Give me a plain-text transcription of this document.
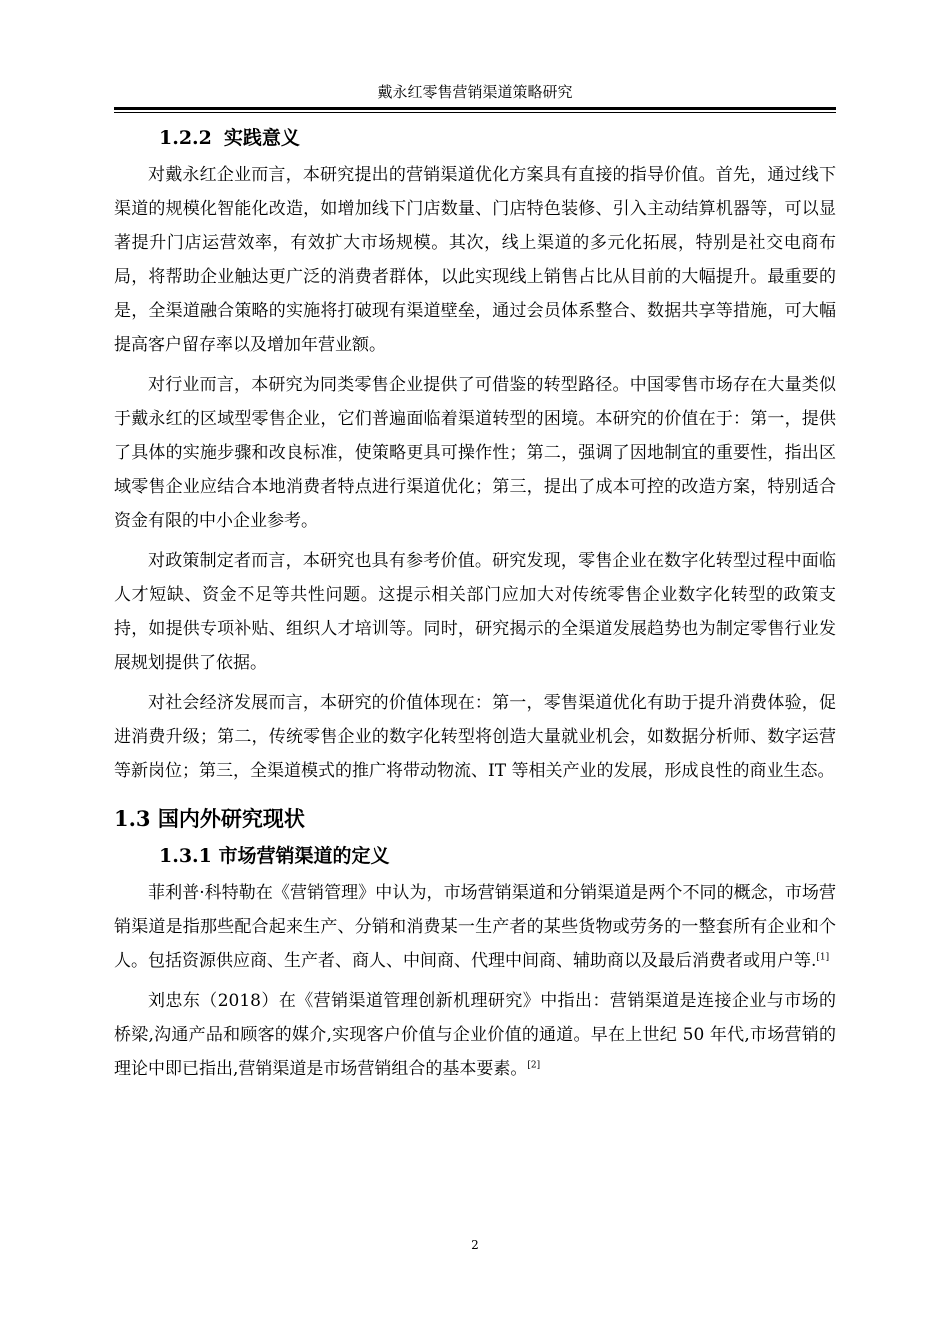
戴永红零售营销渠道策略研究
1.2.2 实践意义

对戴永红企业而言，本研究提出的营销渠道优化方案具有直接的指导价值。首先，通过线下渠道的规模化智能化改造，如增加线下门店数量、门店特色装修、引入主动结算机器等，可以显著提升门店运营效率，有效扩大市场规模。其次，线上渠道的多元化拓展，特别是社交电商布局，将帮助企业触达更广泛的消费者群体，以此实现线上销售占比从目前的大幅提升。最重要的是，全渠道融合策略的实施将打破现有渠道壁垒，通过会员体系整合、数据共享等措施，可大幅提高客户留存率以及增加年营业额。

对行业而言，本研究为同类零售企业提供了可借鉴的转型路径。中国零售市场存在大量类似于戴永红的区域型零售企业，它们普遍面临着渠道转型的困境。本研究的价值在于：第一，提供了具体的实施步骤和改良标准，使策略更具可操作性；第二，强调了因地制宜的重要性，指出区域零售企业应结合本地消费者特点进行渠道优化；第三，提出了成本可控的改造方案，特别适合资金有限的中小企业参考。

对政策制定者而言，本研究也具有参考价值。研究发现，零售企业在数字化转型过程中面临人才短缺、资金不足等共性问题。这提示相关部门应加大对传统零售企业数字化转型的政策支持，如提供专项补贴、组织人才培训等。同时，研究揭示的全渠道发展趋势也为制定零售行业发展规划提供了依据。

对社会经济发展而言，本研究的价值体现在：第一，零售渠道优化有助于提升消费体验，促进消费升级；第二，传统零售企业的数字化转型将创造大量就业机会，如数据分析师、数字运营等新岗位；第三，全渠道模式的推广将带动物流、IT 等相关产业的发展，形成良性的商业生态。

1.3 国内外研究现状
1.3.1 市场营销渠道的定义

菲利普·科特勒在《营销管理》中认为，市场营销渠道和分销渠道是两个不同的概念，市场营销渠道是指那些配合起来生产、分销和消费某一生产者的某些货物或劳务的一整套所有企业和个人。包括资源供应商、生产者、商人、中间商、代理中间商、辅助商以及最后消费者或用户等.[1]

刘忠东（2018）在《营销渠道管理创新机理研究》中指出：营销渠道是连接企业与市场的桥梁,沟通产品和顾客的媒介,实现客户价值与企业价值的通道。早在上世纪 50 年代,市场营销的理论中即已指出,营销渠道是市场营销组合的基本要素。[2]

2
